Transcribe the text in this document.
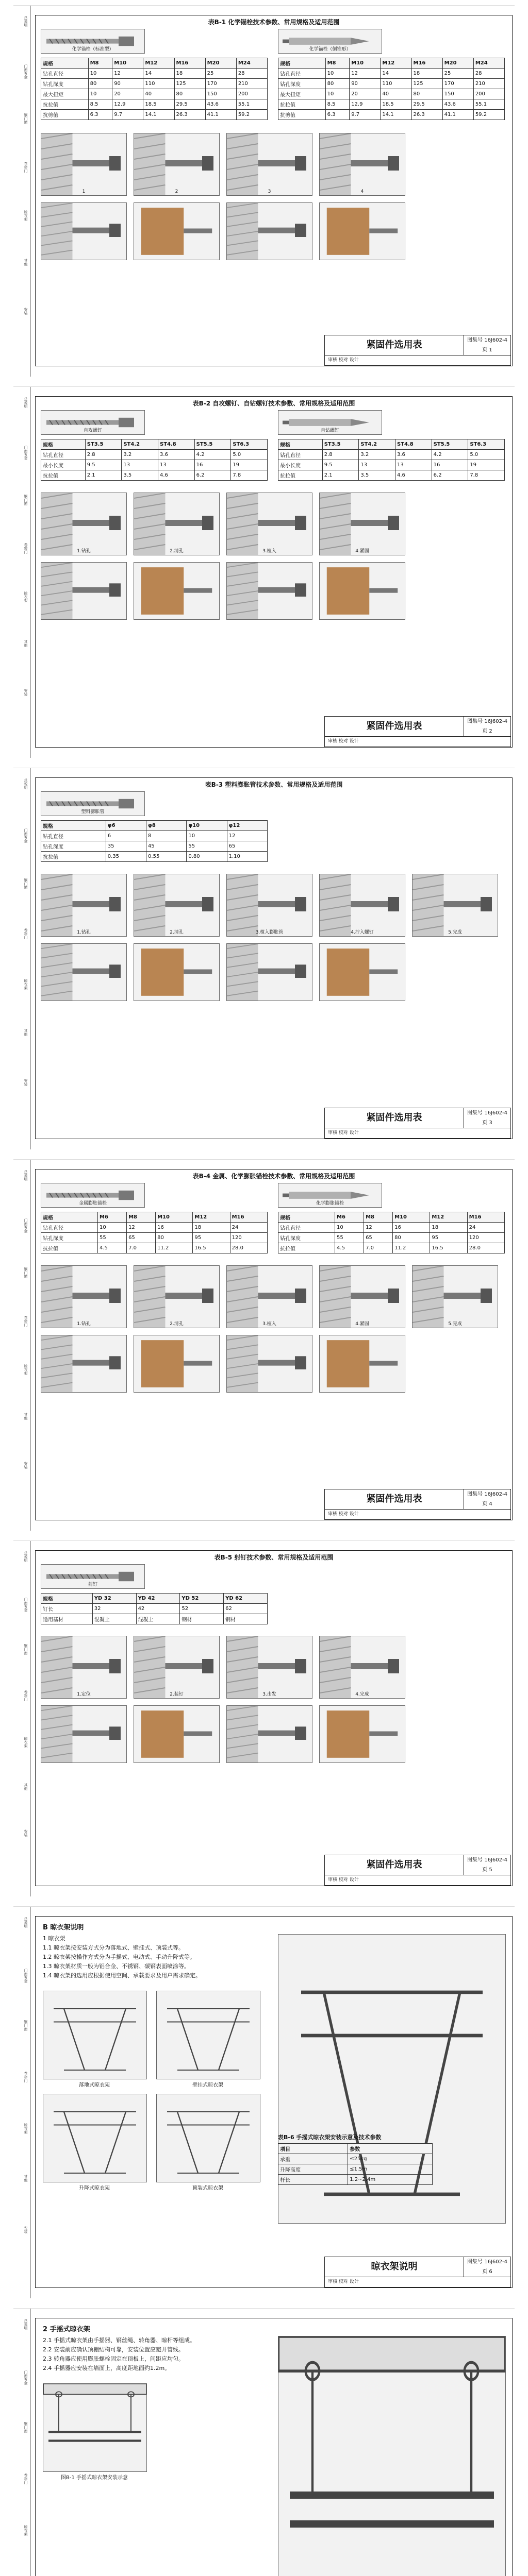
总说明
门窗五金
钢门窗
卷帘门
晾衣架
其他
安装
表B-1 化学锚栓技术参数、常用规格及适用范围
化学锚栓（标准型）	化学锚栓（倒锥形）
规格	M8	M10	M12	M16	M20	M24
钻孔直径	10	12	14	18	25	28
钻孔深度	80	90	110	125	170	210
最大扭矩	10	20	40	80	150	200
抗拉值	8.5	12.9	18.5	29.5	43.6	55.1
抗剪值	6.3	9.7	14.1	26.3	41.1	59.2
规格	M8	M10	M12	M16	M20	M24
钻孔直径	10	12	14	18	25	28
钻孔深度	80	90	110	125	170	210
最大扭矩	10	20	40	80	150	200
抗拉值	8.5	12.9	18.5	29.5	43.6	55.1
抗剪值	6.3	9.7	14.1	26.3	41.1	59.2
1	2	3	4
紧固件选用表	图集号 16J602-4
页 1
审核 校对 设计
总说明
门窗五金
钢门窗
卷帘门
晾衣架
其他
安装
表B-2 自攻螺钉、自钻螺钉技术参数、常用规格及适用范围
自攻螺钉	自钻螺钉
规格	ST3.5	ST4.2	ST4.8	ST5.5	ST6.3
钻孔直径	2.8	3.2	3.6	4.2	5.0
最小长度	9.5	13	13	16	19
抗拉值	2.1	3.5	4.6	6.2	7.8
规格	ST3.5	ST4.2	ST4.8	ST5.5	ST6.3
钻孔直径	2.8	3.2	3.6	4.2	5.0
最小长度	9.5	13	13	16	19
抗拉值	2.1	3.5	4.6	6.2	7.8
1.钻孔	2.清孔	3.植入	4.紧固
紧固件选用表	图集号 16J602-4
页 2
审核 校对 设计
总说明
门窗五金
钢门窗
卷帘门
晾衣架
其他
安装
表B-3 塑料膨胀管技术参数、常用规格及适用范围
塑料膨胀管
规格	φ6	φ8	φ10	φ12
钻孔直径	6	8	10	12
钻孔深度	35	45	55	65
抗拉值	0.35	0.55	0.80	1.10
1.钻孔	2.清孔	3.植入膨胀管	4.拧入螺钉	5.完成
紧固件选用表	图集号 16J602-4
页 3
审核 校对 设计
总说明
门窗五金
钢门窗
卷帘门
晾衣架
其他
安装
表B-4 金属、化学膨胀锚栓技术参数、常用规格及适用范围
金属膨胀锚栓	化学膨胀锚栓
规格	M6	M8	M10	M12	M16
钻孔直径	10	12	16	18	24
钻孔深度	55	65	80	95	120
抗拉值	4.5	7.0	11.2	16.5	28.0
规格	M6	M8	M10	M12	M16
钻孔直径	10	12	16	18	24
钻孔深度	55	65	80	95	120
抗拉值	4.5	7.0	11.2	16.5	28.0
1.钻孔	2.清孔	3.植入	4.紧固	5.完成
紧固件选用表	图集号 16J602-4
页 4
审核 校对 设计
总说明
门窗五金
钢门窗
卷帘门
晾衣架
其他
安装
表B-5 射钉技术参数、常用规格及适用范围
射钉
规格	YD 32	YD 42	YD 52	YD 62
钉长	32	42	52	62
适用基材	混凝土	混凝土	钢材	钢材
1.定位	2.装钉	3.击发	4.完成
紧固件选用表	图集号 16J602-4
页 5
审核 校对 设计
总说明
门窗五金
钢门窗
卷帘门
晾衣架
其他
安装
B 晾衣架说明

1 晾衣架

1.1 晾衣架按安装方式分为落地式、壁挂式、顶装式等。

1.2 晾衣架按操作方式分为手摇式、电动式、手动升降式等。

1.3 晾衣架材质一般为铝合金、不锈钢、碳钢表面喷涂等。

1.4 晾衣架的选用应根据使用空间、承载要求及用户需求确定。

落地式晾衣架	壁挂式晾衣架
升降式晾衣架	顶装式晾衣架
表B-6 手摇式晾衣架安装示意及技术参数
项目	参数
承重	≤25kg
升降高度	≤1.5m
杆长	1.2~2.4m
晾衣架说明	图集号 16J602-4
页 6
审核 校对 设计
总说明
门窗五金
钢门窗
卷帘门
晾衣架
2 手摇式晾衣架

2.1 手摇式晾衣架由手摇器、钢丝绳、转角器、晾杆等组成。

2.2 安装前应确认顶棚结构可靠，安装位置应避开管线。

2.3 转角器应使用膨胀螺栓固定在顶板上，间距应均匀。

2.4 手摇器应安装在墙面上，高度距地面约1.2m。

图B-1 手摇式晾衣架安装示意
